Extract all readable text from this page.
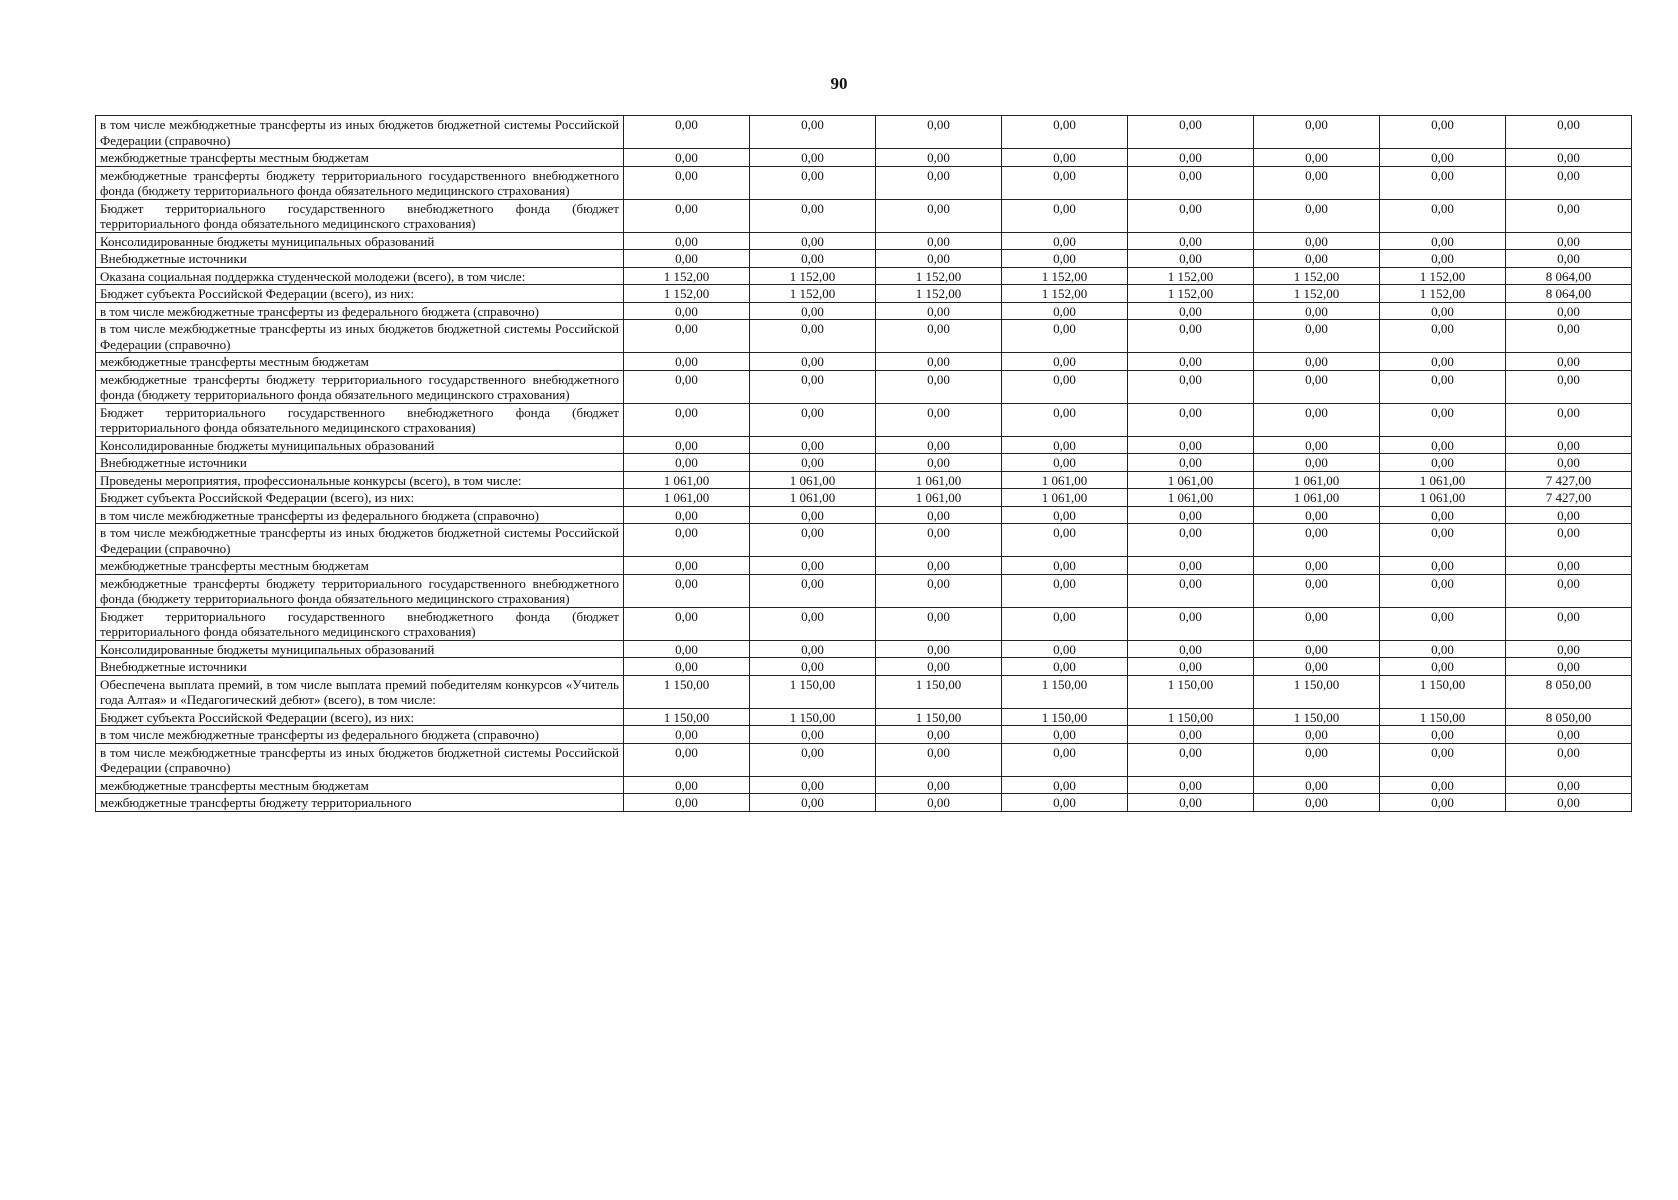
90
в том числе межбюджетные трансферты из иных бюджетов бюджетной системы Российской Федерации (справочно)	0,00	0,00	0,00	0,00	0,00	0,00	0,00	0,00
межбюджетные трансферты местным бюджетам	0,00	0,00	0,00	0,00	0,00	0,00	0,00	0,00
межбюджетные трансферты бюджету территориального государственного внебюджетного фонда (бюджету территориального фонда обязательного медицинского страхования)	0,00	0,00	0,00	0,00	0,00	0,00	0,00	0,00
Бюджет территориального государственного внебюджетного фонда (бюджет территориального фонда обязательного медицинского страхования)	0,00	0,00	0,00	0,00	0,00	0,00	0,00	0,00
Консолидированные бюджеты муниципальных образований	0,00	0,00	0,00	0,00	0,00	0,00	0,00	0,00
Внебюджетные источники	0,00	0,00	0,00	0,00	0,00	0,00	0,00	0,00
Оказана социальная поддержка студенческой молодежи (всего), в том числе:	1 152,00	1 152,00	1 152,00	1 152,00	1 152,00	1 152,00	1 152,00	8 064,00
Бюджет субъекта Российской Федерации (всего), из них:	1 152,00	1 152,00	1 152,00	1 152,00	1 152,00	1 152,00	1 152,00	8 064,00
в том числе межбюджетные трансферты из федерального бюджета (справочно)	0,00	0,00	0,00	0,00	0,00	0,00	0,00	0,00
в том числе межбюджетные трансферты из иных бюджетов бюджетной системы Российской Федерации (справочно)	0,00	0,00	0,00	0,00	0,00	0,00	0,00	0,00
межбюджетные трансферты местным бюджетам	0,00	0,00	0,00	0,00	0,00	0,00	0,00	0,00
межбюджетные трансферты бюджету территориального государственного внебюджетного фонда (бюджету территориального фонда обязательного медицинского страхования)	0,00	0,00	0,00	0,00	0,00	0,00	0,00	0,00
Бюджет территориального государственного внебюджетного фонда (бюджет территориального фонда обязательного медицинского страхования)	0,00	0,00	0,00	0,00	0,00	0,00	0,00	0,00
Консолидированные бюджеты муниципальных образований	0,00	0,00	0,00	0,00	0,00	0,00	0,00	0,00
Внебюджетные источники	0,00	0,00	0,00	0,00	0,00	0,00	0,00	0,00
Проведены мероприятия, профессиональные конкурсы (всего), в том числе:	1 061,00	1 061,00	1 061,00	1 061,00	1 061,00	1 061,00	1 061,00	7 427,00
Бюджет субъекта Российской Федерации (всего), из них:	1 061,00	1 061,00	1 061,00	1 061,00	1 061,00	1 061,00	1 061,00	7 427,00
в том числе межбюджетные трансферты из федерального бюджета (справочно)	0,00	0,00	0,00	0,00	0,00	0,00	0,00	0,00
в том числе межбюджетные трансферты из иных бюджетов бюджетной системы Российской Федерации (справочно)	0,00	0,00	0,00	0,00	0,00	0,00	0,00	0,00
межбюджетные трансферты местным бюджетам	0,00	0,00	0,00	0,00	0,00	0,00	0,00	0,00
межбюджетные трансферты бюджету территориального государственного внебюджетного фонда (бюджету территориального фонда обязательного медицинского страхования)	0,00	0,00	0,00	0,00	0,00	0,00	0,00	0,00
Бюджет территориального государственного внебюджетного фонда (бюджет территориального фонда обязательного медицинского страхования)	0,00	0,00	0,00	0,00	0,00	0,00	0,00	0,00
Консолидированные бюджеты муниципальных образований	0,00	0,00	0,00	0,00	0,00	0,00	0,00	0,00
Внебюджетные источники	0,00	0,00	0,00	0,00	0,00	0,00	0,00	0,00
Обеспечена выплата премий, в том числе выплата премий победителям конкурсов «Учитель года Алтая» и «Педагогический дебют» (всего), в том числе:	1 150,00	1 150,00	1 150,00	1 150,00	1 150,00	1 150,00	1 150,00	8 050,00
Бюджет субъекта Российской Федерации (всего), из них:	1 150,00	1 150,00	1 150,00	1 150,00	1 150,00	1 150,00	1 150,00	8 050,00
в том числе межбюджетные трансферты из федерального бюджета (справочно)	0,00	0,00	0,00	0,00	0,00	0,00	0,00	0,00
в том числе межбюджетные трансферты из иных бюджетов бюджетной системы Российской Федерации (справочно)	0,00	0,00	0,00	0,00	0,00	0,00	0,00	0,00
межбюджетные трансферты местным бюджетам	0,00	0,00	0,00	0,00	0,00	0,00	0,00	0,00
межбюджетные трансферты бюджету территориального	0,00	0,00	0,00	0,00	0,00	0,00	0,00	0,00
